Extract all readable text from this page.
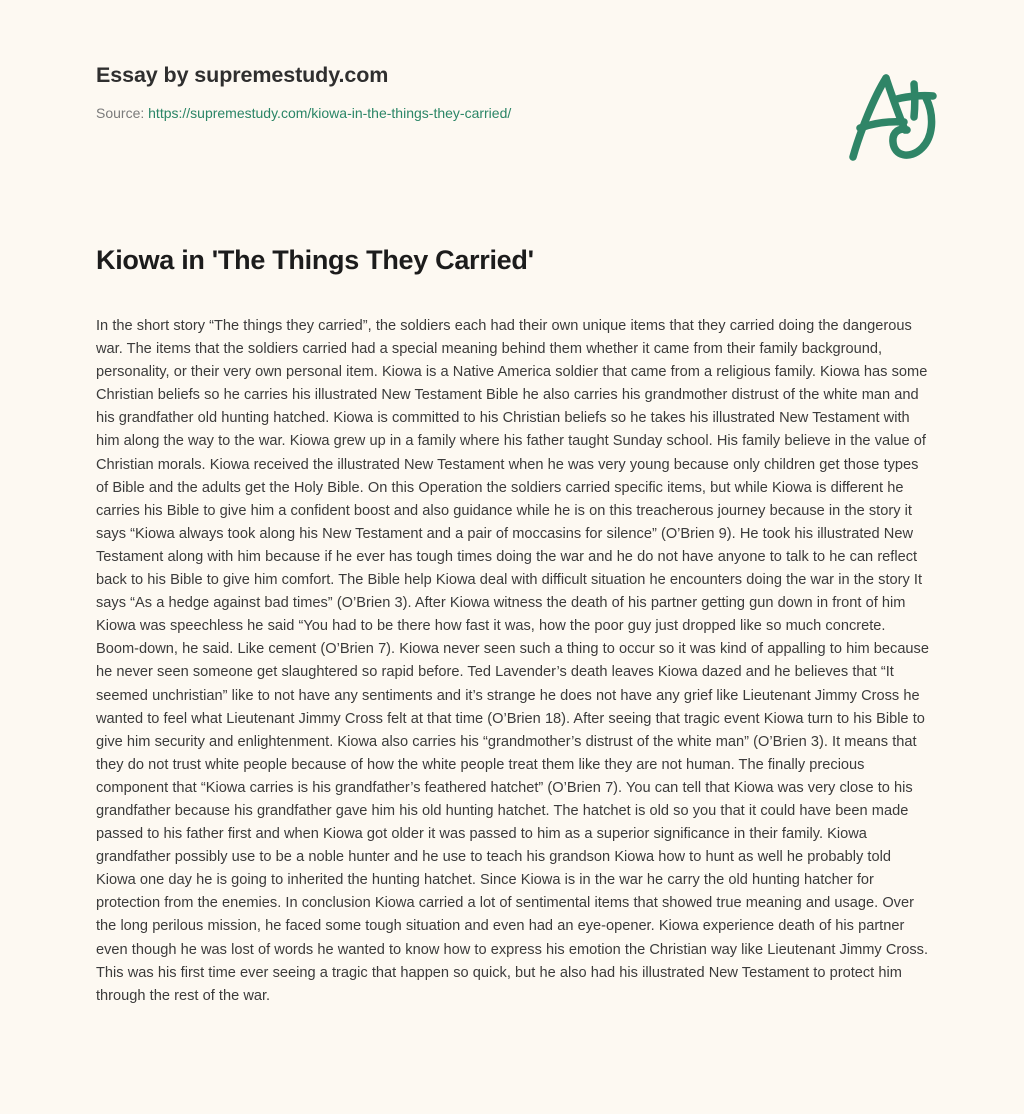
Essay by supremestudy.com
Source: https://supremestudy.com/kiowa-in-the-things-they-carried/
Kiowa in 'The Things They Carried'

In the short story “The things they carried”, the soldiers each had their own unique items that they carried doing the dangerous war. The items that the soldiers carried had a special meaning behind them whether it came from their family background, personality, or their very own personal item. Kiowa is a Native America soldier that came from a religious family. Kiowa has some Christian beliefs so he carries his illustrated New Testament Bible he also carries his grandmother distrust of the white man and his grandfather old hunting hatched. Kiowa is committed to his Christian beliefs so he takes his illustrated New Testament with him along the way to the war. Kiowa grew up in a family where his father taught Sunday school. His family believe in the value of Christian morals. Kiowa received the illustrated New Testament when he was very young because only children get those types of Bible and the adults get the Holy Bible. On this Operation the soldiers carried specific items, but while Kiowa is different he carries his Bible to give him a confident boost and also guidance while he is on this treacherous journey because in the story it says “Kiowa always took along his New Testament and a pair of moccasins for silence” (O’Brien 9). He took his illustrated New Testament along with him because if he ever has tough times doing the war and he do not have anyone to talk to he can reflect back to his Bible to give him comfort. The Bible help Kiowa deal with difficult situation he encounters doing the war in the story It says “As a hedge against bad times” (O’Brien 3). After Kiowa witness the death of his partner getting gun down in front of him Kiowa was speechless he said “You had to be there how fast it was, how the poor guy just dropped like so much concrete. Boom-down, he said. Like cement (O’Brien 7). Kiowa never seen such a thing to occur so it was kind of appalling to him because he never seen someone get slaughtered so rapid before. Ted Lavender’s death leaves Kiowa dazed and he believes that “It seemed unchristian” like to not have any sentiments and it’s strange he does not have any grief like Lieutenant Jimmy Cross he wanted to feel what Lieutenant Jimmy Cross felt at that time (O’Brien 18). After seeing that tragic event Kiowa turn to his Bible to give him security and enlightenment. Kiowa also carries his “grandmother’s distrust of the white man” (O’Brien 3). It means that they do not trust white people because of how the white people treat them like they are not human. The finally precious component that “Kiowa carries is his grandfather’s feathered hatchet” (O’Brien 7). You can tell that Kiowa was very close to his grandfather because his grandfather gave him his old hunting hatchet. The hatchet is old so you that it could have been made passed to his father first and when Kiowa got older it was passed to him as a superior significance in their family. Kiowa grandfather possibly use to be a noble hunter and he use to teach his grandson Kiowa how to hunt as well he probably told Kiowa one day he is going to inherited the hunting hatchet. Since Kiowa is in the war he carry the old hunting hatcher for protection from the enemies. In conclusion Kiowa carried a lot of sentimental items that showed true meaning and usage. Over the long perilous mission, he faced some tough situation and even had an eye-opener. Kiowa experience death of his partner even though he was lost of words he wanted to know how to express his emotion the Christian way like Lieutenant Jimmy Cross. This was his first time ever seeing a tragic that happen so quick, but he also had his illustrated New Testament to protect him through the rest of the war.
